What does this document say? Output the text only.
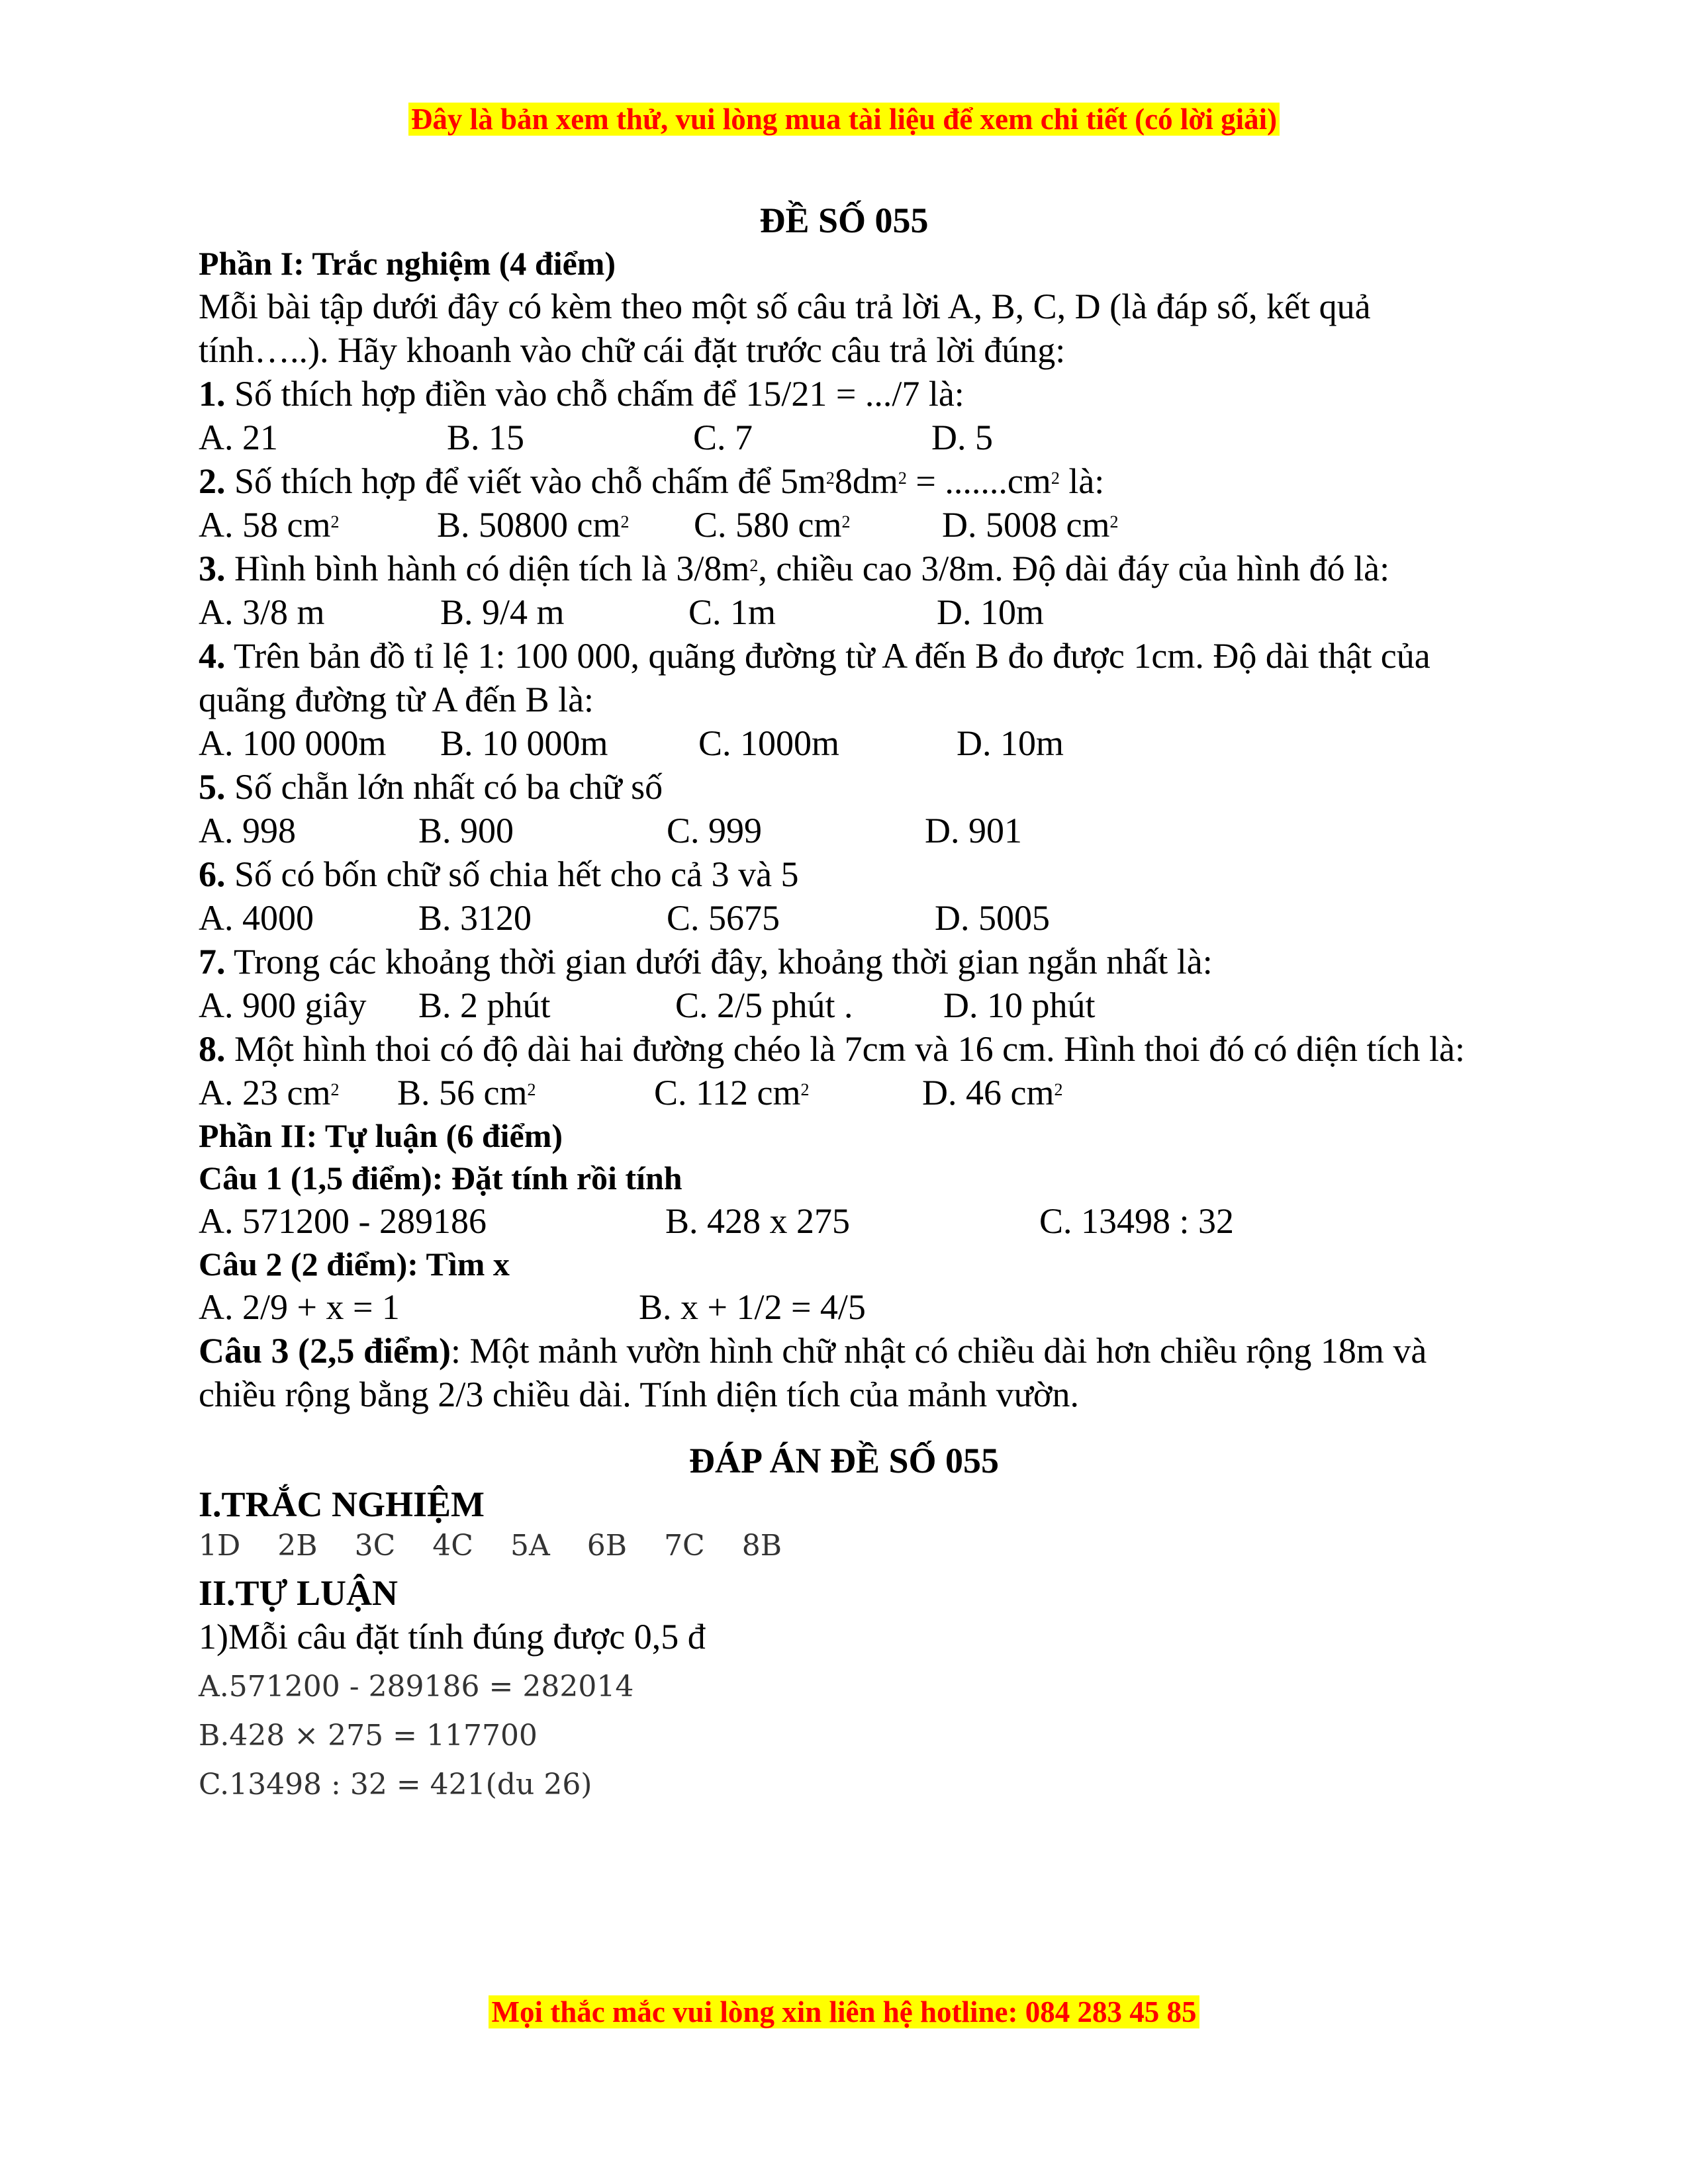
Đây là bản xem thử, vui lòng mua tài liệu để xem chi tiết (có lời giải)
ĐỀ SỐ 055
Phần I: Trắc nghiệm (4 điểm)
Mỗi bài tập dưới đây có kèm theo một số câu trả lời A, B, C, D (là đáp số, kết quả tính…..). Hãy khoanh vào chữ cái đặt trước câu trả lời đúng:
1. Số thích hợp điền vào chỗ chấm để 15/21 = .../7 là:
A. 21	B. 15	C. 7	D. 5
2. Số thích hợp để viết vào chỗ chấm để $5m^28dm^2 = .......cm^2$ là:
A. 58 $cm^2$	B. 50800 $cm^2$	C. 580 $cm^2$	D. 5008 $cm^2$
3. Hình bình hành có diện tích là $3/8m^2$, chiều cao 3/8m. Độ dài đáy của hình đó là:
A. 3/8 m	B. 9/4 m	C. 1m	D. 10m
4. Trên bản đồ tỉ lệ 1: 100 000, quãng đường từ A đến B đo được 1cm. Độ dài thật của quãng đường từ A đến B là:
A. 100 000m	B. 10 000m	C. 1000m	D. 10m
5. Số chẵn lớn nhất có ba chữ số
A. 998	B. 900	C. 999	D. 901
6. Số có bốn chữ số chia hết cho cả 3 và 5
A. 4000	B. 3120	C. 5675	D. 5005
7. Trong các khoảng thời gian dưới đây, khoảng thời gian ngắn nhất là:
A. 900 giây	B. 2 phút	C. 2/5 phút .	D. 10 phút
8. Một hình thoi có độ dài hai đường chéo là 7cm và 16 cm. Hình thoi đó có diện tích là:
A. 23 $cm^2$	B. 56 $cm^2$	C. 112 $cm^2$	D. 46 $cm^2$
Phần II: Tự luận (6 điểm)
Câu 1 (1,5 điểm): Đặt tính rồi tính
A. 571200 - 289186	B. 428 x 275	C. 13498 : 32
Câu 2 (2 điểm): Tìm x
A. 2/9 + x = 1	B. x + 1/2 = 4/5
Câu 3 (2,5 điểm): Một mảnh vườn hình chữ nhật có chiều dài hơn chiều rộng 18m và chiều rộng bằng 2/3 chiều dài. Tính diện tích của mảnh vườn.
ĐÁP ÁN ĐỀ SỐ 055
I.TRẮC NGHIỆM
1D 2B 3C 4C 5A 6B 7C 8B
II.TỰ LUẬN
1)Mỗi câu đặt tính đúng được 0,5 đ
A.571200 - 289186 = 282014
B.428 × 275 = 117700
C.13498 : 32 = 421(du 26)
Mọi thắc mắc vui lòng xin liên hệ hotline: 084 283 45 85
